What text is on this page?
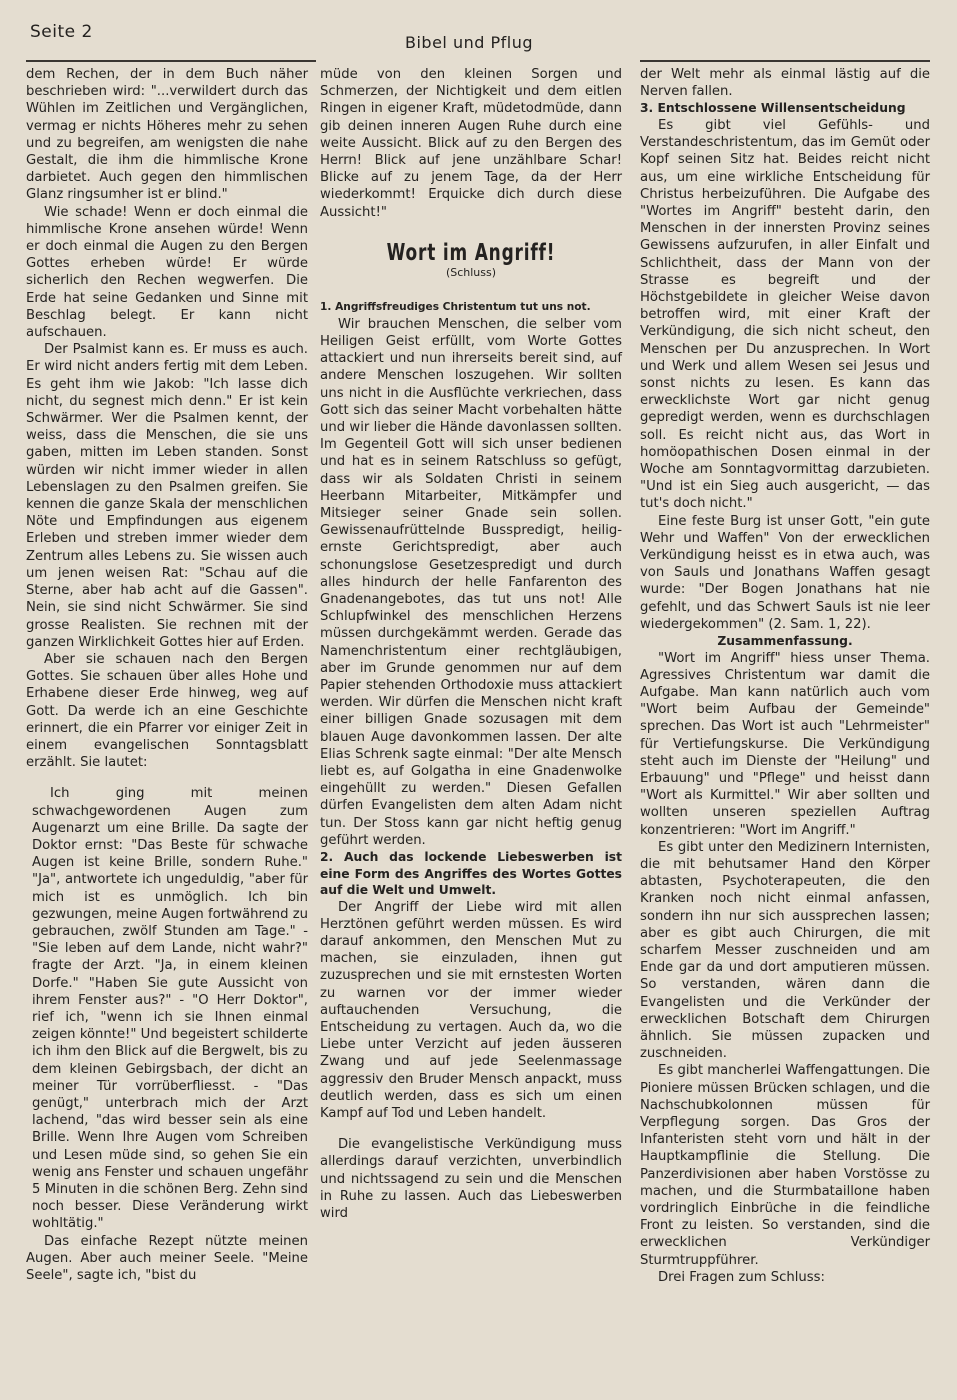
Seite 2
Bibel und Pflug

dem Rechen, der in dem Buch näher beschrieben wird: "...verwildert durch das Wühlen im Zeitlichen und Vergänglichen, vermag er nichts Höheres mehr zu sehen und zu begreifen, am wenigsten die nahe Gestalt, die ihm die himmlische Krone darbietet. Auch gegen den himmlischen Glanz ringsumher ist er blind."

Wie schade! Wenn er doch einmal die himmlische Krone ansehen würde! Wenn er doch einmal die Augen zu den Bergen Gottes erheben würde! Er würde sicherlich den Rechen wegwerfen. Die Erde hat seine Gedanken und Sinne mit Beschlag belegt. Er kann nicht aufschauen.

Der Psalmist kann es. Er muss es auch. Er wird nicht anders fertig mit dem Leben. Es geht ihm wie Jakob: "Ich lasse dich nicht, du segnest mich denn." Er ist kein Schwärmer. Wer die Psalmen kennt, der weiss, dass die Menschen, die sie uns gaben, mitten im Leben standen. Sonst würden wir nicht immer wieder in allen Lebenslagen zu den Psalmen greifen. Sie kennen die ganze Skala der menschlichen Nöte und Empfindungen aus eigenem Erleben und streben immer wieder dem Zentrum alles Lebens zu. Sie wissen auch um jenen weisen Rat: "Schau auf die Sterne, aber hab acht auf die Gassen". Nein, sie sind nicht Schwärmer. Sie sind grosse Realisten. Sie rechnen mit der ganzen Wirklichkeit Gottes hier auf Erden.

Aber sie schauen nach den Bergen Gottes. Sie schauen über alles Hohe und Erhabene dieser Erde hinweg, weg auf Gott. Da werde ich an eine Geschichte erinnert, die ein Pfarrer vor einiger Zeit in einem evangelischen Sonntagsblatt erzählt. Sie lautet:

Ich ging mit meinen schwachgewordenen Augen zum Augenarzt um eine Brille. Da sagte der Doktor ernst: "Das Beste für schwache Augen ist keine Brille, sondern Ruhe." "Ja", antwortete ich ungeduldig, "aber für mich ist es unmöglich. Ich bin gezwungen, meine Augen fortwährend zu gebrauchen, zwölf Stunden am Tage." - "Sie leben auf dem Lande, nicht wahr?" fragte der Arzt. "Ja, in einem kleinen Dorfe." "Haben Sie gute Aussicht von ihrem Fenster aus?" - "O Herr Doktor", rief ich, "wenn ich sie Ihnen einmal zeigen könnte!" Und begeistert schilderte ich ihm den Blick auf die Bergwelt, bis zu dem kleinen Gebirgsbach, der dicht an meiner Tür vorrüberfliesst. - "Das genügt," unterbrach mich der Arzt lachend, "das wird besser sein als eine Brille. Wenn Ihre Augen vom Schreiben und Lesen müde sind, so gehen Sie ein wenig ans Fenster und schauen ungefähr 5 Minuten in die schönen Berg. Zehn sind noch besser. Diese Veränderung wirkt wohltätig."

Das einfache Rezept nützte meinen Augen. Aber auch meiner Seele. "Meine Seele", sagte ich, "bist du

müde von den kleinen Sorgen und Schmerzen, der Nichtigkeit und dem eitlen Ringen in eigener Kraft, müdetodmüde, dann gib deinen inneren Augen Ruhe durch eine weite Aussicht. Blick auf zu den Bergen des Herrn! Blick auf jene unzählbare Schar! Blicke auf zu jenem Tage, da der Herr wiederkommt! Erquicke dich durch diese Aussicht!"

Wort im Angriff!
(Schluss)

1. Angriffsfreudiges Christentum tut uns not.

Wir brauchen Menschen, die selber vom Heiligen Geist erfüllt, vom Worte Gottes attackiert und nun ihrerseits bereit sind, auf andere Menschen loszugehen. Wir sollten uns nicht in die Ausflüchte verkriechen, dass Gott sich das seiner Macht vorbehalten hätte und wir lieber die Hände davonlassen sollten. Im Gegenteil Gott will sich unser bedienen und hat es in seinem Ratschluss so gefügt, dass wir als Soldaten Christi in seinem Heerbann Mitarbeiter, Mitkämpfer und Mitsieger seiner Gnade sein sollen. Gewissenaufrüttelnde Busspredigt, heilig-ernste Gerichtspredigt, aber auch schonungslose Gesetzespredigt und durch alles hindurch der helle Fanfarenton des Gnadenangebotes, das tut uns not! Alle Schlupfwinkel des menschlichen Herzens müssen durchgekämmt werden. Gerade das Namenchristentum einer rechtgläubigen, aber im Grunde genommen nur auf dem Papier stehenden Orthodoxie muss attackiert werden. Wir dürfen die Menschen nicht kraft einer billigen Gnade sozusagen mit dem blauen Auge davonkommen lassen. Der alte Elias Schrenk sagte einmal: "Der alte Mensch liebt es, auf Golgatha in eine Gnadenwolke eingehüllt zu werden." Diesen Gefallen dürfen Evangelisten dem alten Adam nicht tun. Der Stoss kann gar nicht heftig genug geführt werden.

2. Auch das lockende Liebeswerben ist eine Form des Angriffes des Wortes Gottes auf die Welt und Umwelt.

Der Angriff der Liebe wird mit allen Herztönen geführt werden müssen. Es wird darauf ankommen, den Menschen Mut zu machen, sie einzuladen, ihnen gut zuzusprechen und sie mit ernstesten Worten zu warnen vor der immer wieder auftauchenden Versuchung, die Entscheidung zu vertagen. Auch da, wo die Liebe unter Verzicht auf jeden äusseren Zwang und auf jede Seelenmassage aggressiv den Bruder Mensch anpackt, muss deutlich werden, dass es sich um einen Kampf auf Tod und Leben handelt.

Die evangelistische Verkündigung muss allerdings darauf verzichten, unverbindlich und nichtssagend zu sein und die Menschen in Ruhe zu lassen. Auch das Liebeswerben wird

der Welt mehr als einmal lästig auf die Nerven fallen.

3. Entschlossene Willensentscheidung

Es gibt viel Gefühls- und Verstandeschristentum, das im Gemüt oder Kopf seinen Sitz hat. Beides reicht nicht aus, um eine wirkliche Entscheidung für Christus herbeizuführen. Die Aufgabe des "Wortes im Angriff" besteht darin, den Menschen in der innersten Provinz seines Gewissens aufzurufen, in aller Einfalt und Schlichtheit, dass der Mann von der Strasse es begreift und der Höchstgebildete in gleicher Weise davon betroffen wird, mit einer Kraft der Verkündigung, die sich nicht scheut, den Menschen per Du anzusprechen. In Wort und Werk und allem Wesen sei Jesus und sonst nichts zu lesen. Es kann das erwecklichste Wort gar nicht genug gepredigt werden, wenn es durchschlagen soll. Es reicht nicht aus, das Wort in homöopathischen Dosen einmal in der Woche am Sonntagvormittag darzubieten. "Und ist ein Sieg auch ausgericht, — das tut's doch nicht."

Eine feste Burg ist unser Gott, "ein gute Wehr und Waffen" Von der erwecklichen Verkündigung heisst es in etwa auch, was von Sauls und Jonathans Waffen gesagt wurde: "Der Bogen Jonathans hat nie gefehlt, und das Schwert Sauls ist nie leer wiedergekommen" (2. Sam. 1, 22).

Zusammenfassung.

"Wort im Angriff" hiess unser Thema. Agressives Christentum war damit die Aufgabe. Man kann natürlich auch vom "Wort beim Aufbau der Gemeinde" sprechen. Das Wort ist auch "Lehrmeister" für Vertiefungskurse. Die Verkündigung steht auch im Dienste der "Heilung" und Erbauung" und "Pflege" und heisst dann "Wort als Kurmittel." Wir aber sollten und wollten unseren speziellen Auftrag konzentrieren: "Wort im Angriff."

Es gibt unter den Medizinern Internisten, die mit behutsamer Hand den Körper abtasten, Psychoterapeuten, die den Kranken noch nicht einmal anfassen, sondern ihn nur sich aussprechen lassen; aber es gibt auch Chirurgen, die mit scharfem Messer zuschneiden und am Ende gar da und dort amputieren müssen. So verstanden, wären dann die Evangelisten und die Verkünder der erwecklichen Botschaft dem Chirurgen ähnlich. Sie müssen zupacken und zuschneiden.

Es gibt mancherlei Waffengattungen. Die Pioniere müssen Brücken schlagen, und die Nachschubkolonnen müssen für Verpflegung sorgen. Das Gros der Infanteristen steht vorn und hält in der Hauptkampflinie die Stellung. Die Panzerdivisionen aber haben Vorstösse zu machen, und die Sturmbataillone haben vordringlich Einbrüche in die feindliche Front zu leisten. So verstanden, sind die erwecklichen Verkündiger Sturmtruppführer.

Drei Fragen zum Schluss:
